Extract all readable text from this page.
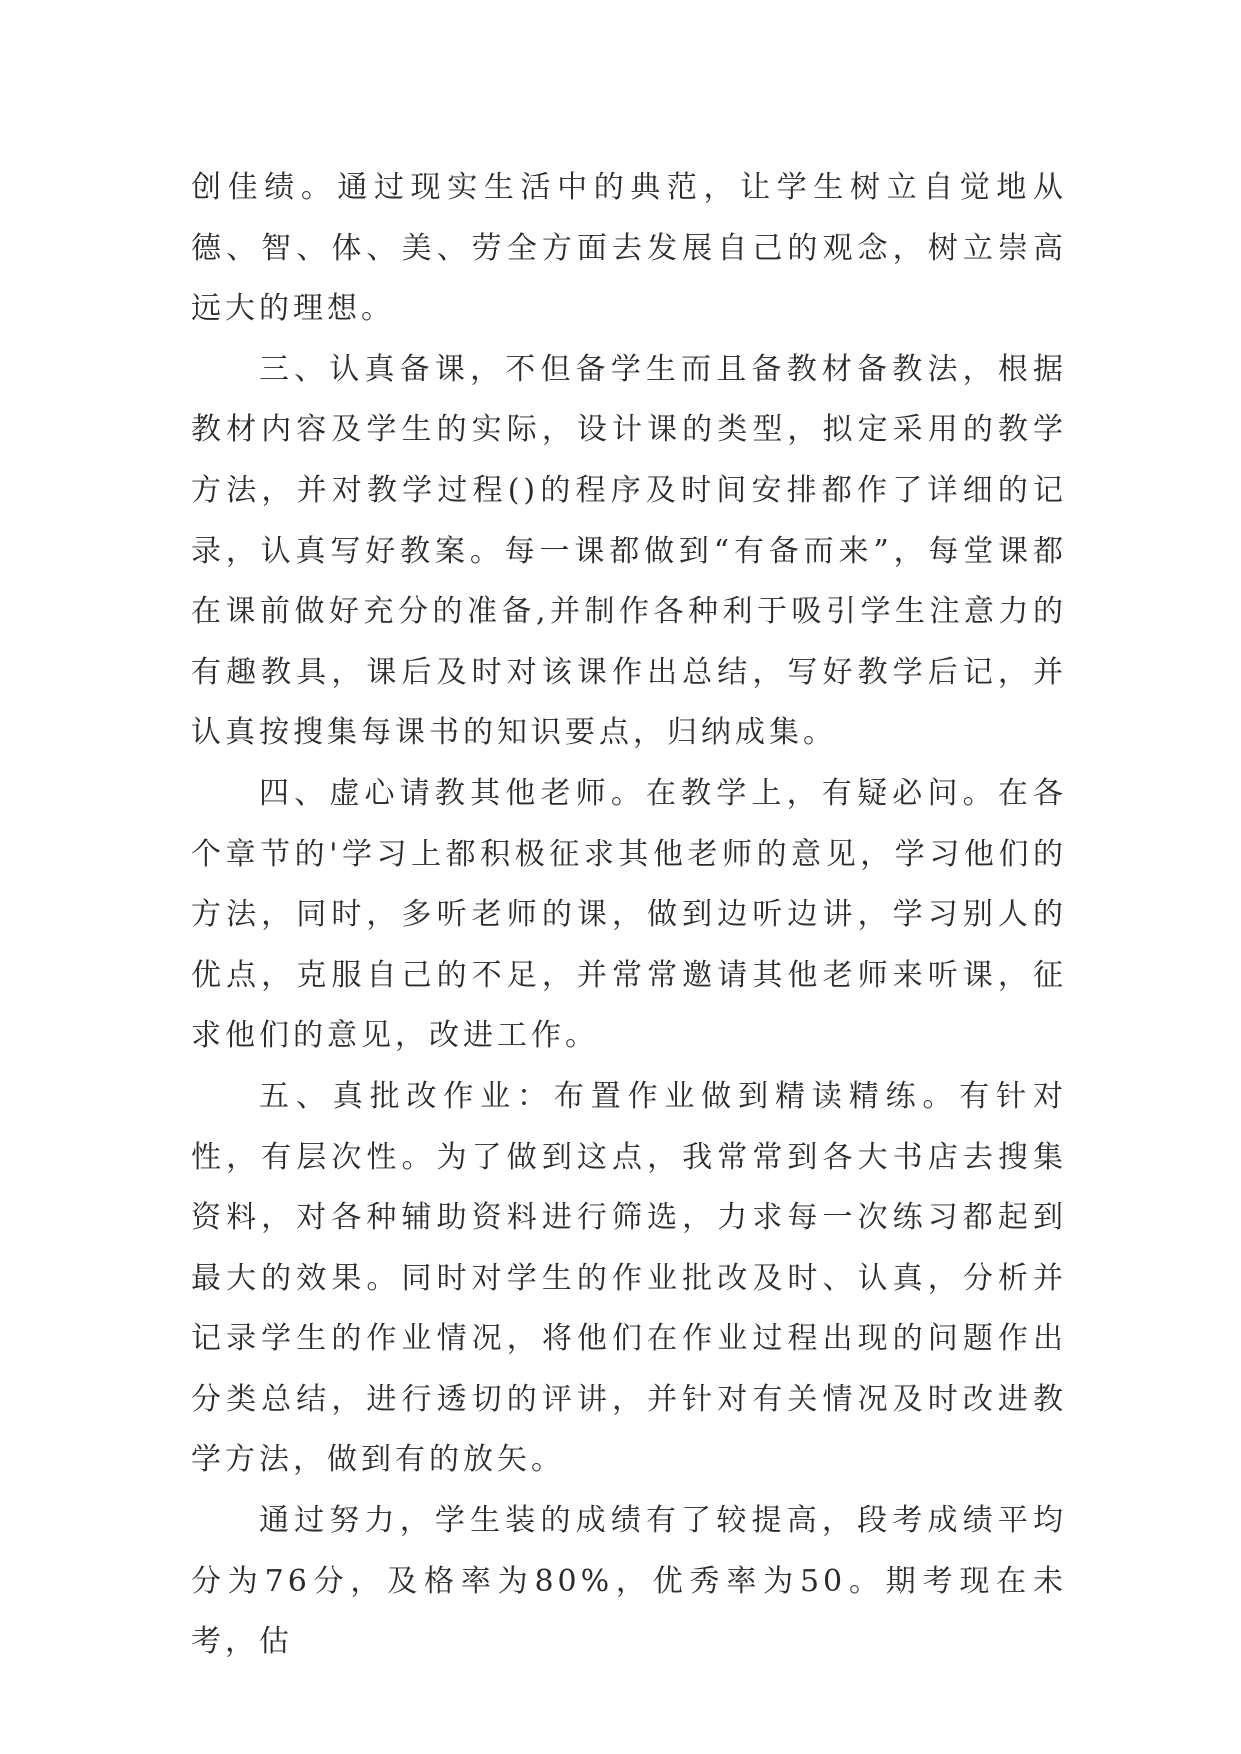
创佳绩。通过现实生活中的典范，让学生树立自觉地从德、智、体、美、劳全方面去发展自己的观念，树立崇高远大的理想。

三、认真备课，不但备学生而且备教材备教法，根据教材内容及学生的实际，设计课的类型，拟定采用的教学方法，并对教学过程()的程序及时间安排都作了详细的记录，认真写好教案。每一课都做到“有备而来”，每堂课都在课前做好充分的准备,并制作各种利于吸引学生注意力的有趣教具，课后及时对该课作出总结，写好教学后记，并认真按搜集每课书的知识要点，归纳成集。

四、虚心请教其他老师。在教学上，有疑必问。在各个章节的'学习上都积极征求其他老师的意见，学习他们的方法，同时，多听老师的课，做到边听边讲，学习别人的优点，克服自己的不足，并常常邀请其他老师来听课，征求他们的意见，改进工作。

五、真批改作业：布置作业做到精读精练。有针对性，有层次性。为了做到这点，我常常到各大书店去搜集资料，对各种辅助资料进行筛选，力求每一次练习都起到最大的效果。同时对学生的作业批改及时、认真，分析并记录学生的作业情况，将他们在作业过程出现的问题作出分类总结，进行透切的评讲，并针对有关情况及时改进教学方法，做到有的放矢。

通过努力，学生装的成绩有了较提高，段考成绩平均分为76分，及格率为80%，优秀率为50。期考现在未考，估
